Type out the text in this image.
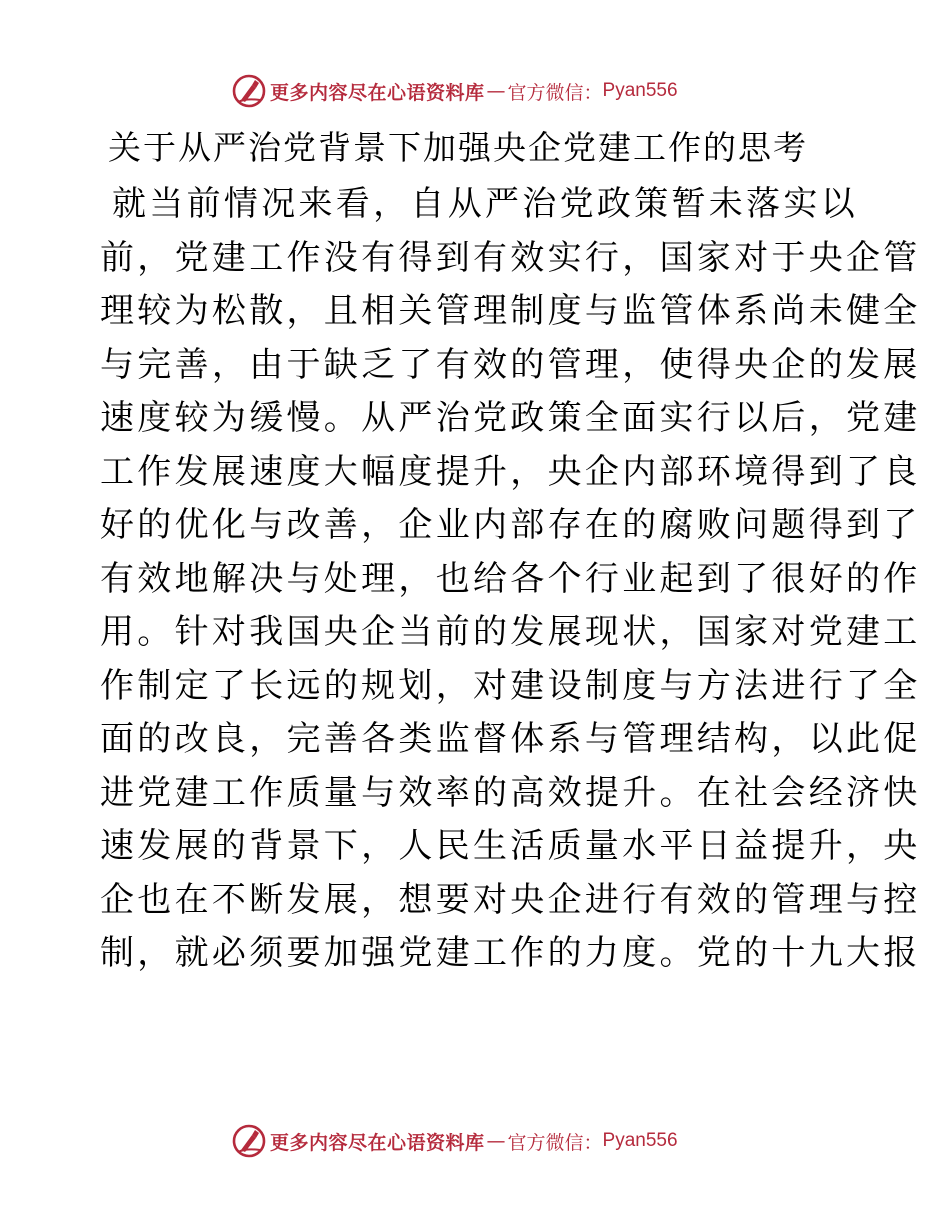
更多内容尽在心语资料库 — 官方微信： Pyan556
关于从严治党背景下加强央企党建工作的思考
就当前情况来看，自从严治党政策暂未落实以
前，党建工作没有得到有效实行，国家对于央企管
理较为松散，且相关管理制度与监管体系尚未健全
与完善，由于缺乏了有效的管理，使得央企的发展
速度较为缓慢。从严治党政策全面实行以后，党建
工作发展速度大幅度提升，央企内部环境得到了良
好的优化与改善，企业内部存在的腐败问题得到了
有效地解决与处理，也给各个行业起到了很好的作
用。针对我国央企当前的发展现状，国家对党建工
作制定了长远的规划，对建设制度与方法进行了全
面的改良，完善各类监督体系与管理结构，以此促
进党建工作质量与效率的高效提升。在社会经济快
速发展的背景下，人民生活质量水平日益提升，央
企也在不断发展，想要对央企进行有效的管理与控
制，就必须要加强党建工作的力度。党的十九大报
更多内容尽在心语资料库 — 官方微信： Pyan556
